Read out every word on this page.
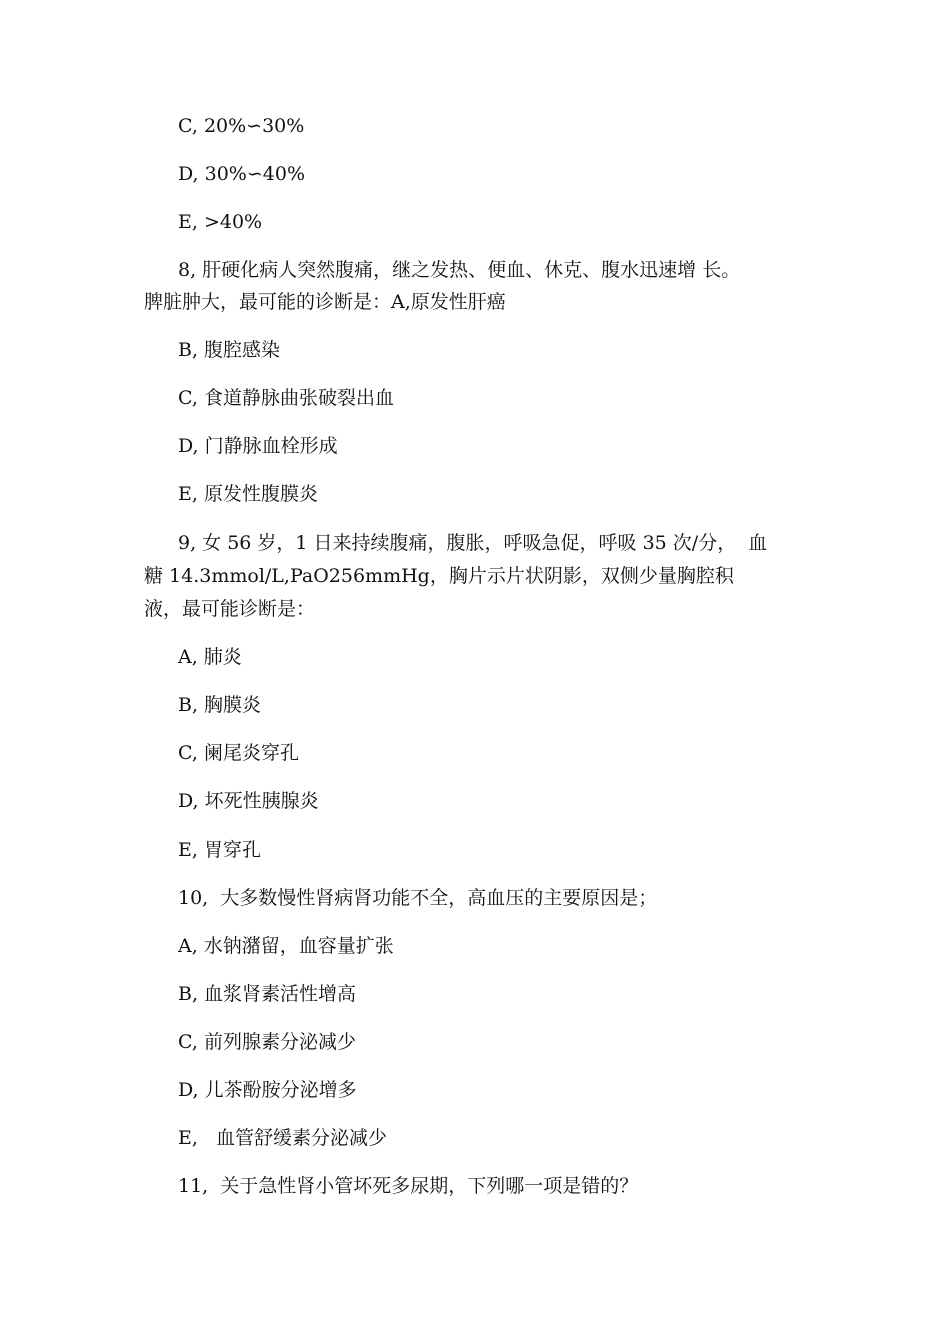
C, 20%∽30%

D, 30%∽40%

E, >40%

8, 肝硬化病人突然腹痛，继之发热、便血、休克、腹水迅速增 长。

脾脏肿大，最可能的诊断是：A,原发性肝癌

B, 腹腔感染

C, 食道静脉曲张破裂出血

D, 门静脉血栓形成

E, 原发性腹膜炎

9, 女 56 岁，1 日来持续腹痛，腹胀，呼吸急促，呼吸 35 次/分，  血

糖 14.3mmol/L,PaO256mmHg，胸片示片状阴影，双侧少量胸腔积

液，最可能诊断是：

A, 肺炎

B, 胸膜炎

C, 阑尾炎穿孔

D, 坏死性胰腺炎

E, 胃穿孔

10,  大多数慢性肾病肾功能不全，高血压的主要原因是；

A, 水钠潴留，血容量扩张

B, 血浆肾素活性增高

C, 前列腺素分泌减少

D, 儿茶酚胺分泌增多

E,   血管舒缓素分泌减少

11,  关于急性肾小管坏死多尿期，下列哪一项是错的？
